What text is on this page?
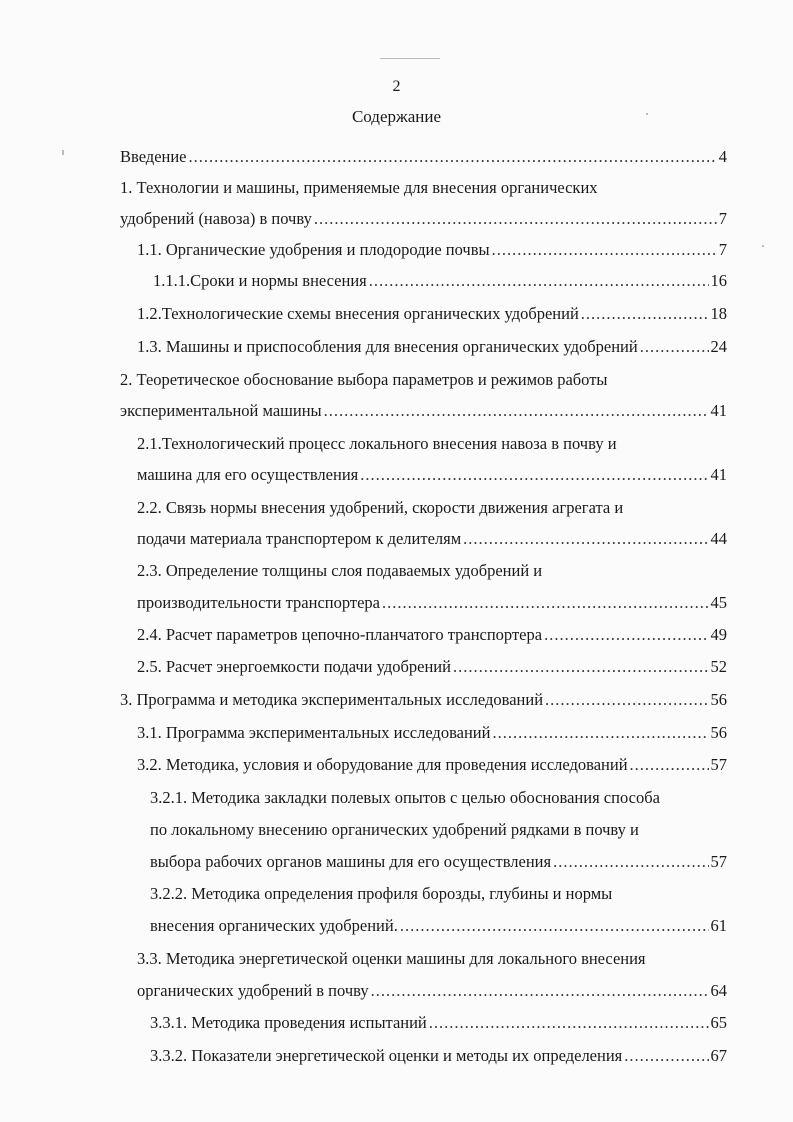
2
Содержание
Введение .....	4
1. Технологии и машины, применяемые для внесения органических
удобрений (навоза) в почву .....	7
1.1. Органические удобрения и плодородие почвы .....	7
1.1.1.Сроки и нормы внесения .....	16
1.2.Технологические схемы внесения органических удобрений .....	18
1.3. Машины и приспособления для внесения органических удобрений .....	24
2. Теоретическое обоснование выбора параметров и режимов работы
экспериментальной машины .....	41
2.1.Технологический процесс локального внесения навоза в почву и
машина для его осуществления .....	41
2.2. Связь нормы внесения удобрений, скорости движения агрегата и
подачи материала транспортером к делителям .....	44
2.3. Определение толщины слоя подаваемых удобрений и
производительности транспортера .....	45
2.4. Расчет параметров цепочно-планчатого транспортера .....	49
2.5. Расчет энергоемкости подачи удобрений .....	52
3. Программа и методика экспериментальных исследований .....	56
3.1. Программа экспериментальных исследований .....	56
3.2. Методика, условия и оборудование для проведения исследований .....	57
3.2.1. Методика закладки полевых опытов с целью обоснования способа
по локальному внесению органических удобрений рядками в почву и
выбора рабочих органов машины для его осуществления .....	57
3.2.2. Методика определения профиля борозды, глубины и нормы
внесения органических удобрений. .....	61
3.3. Методика энергетической оценки машины для локального внесения
органических удобрений в почву .....	64
3.3.1. Методика проведения испытаний .....	65
3.3.2. Показатели энергетической оценки и методы их определения .....	67
